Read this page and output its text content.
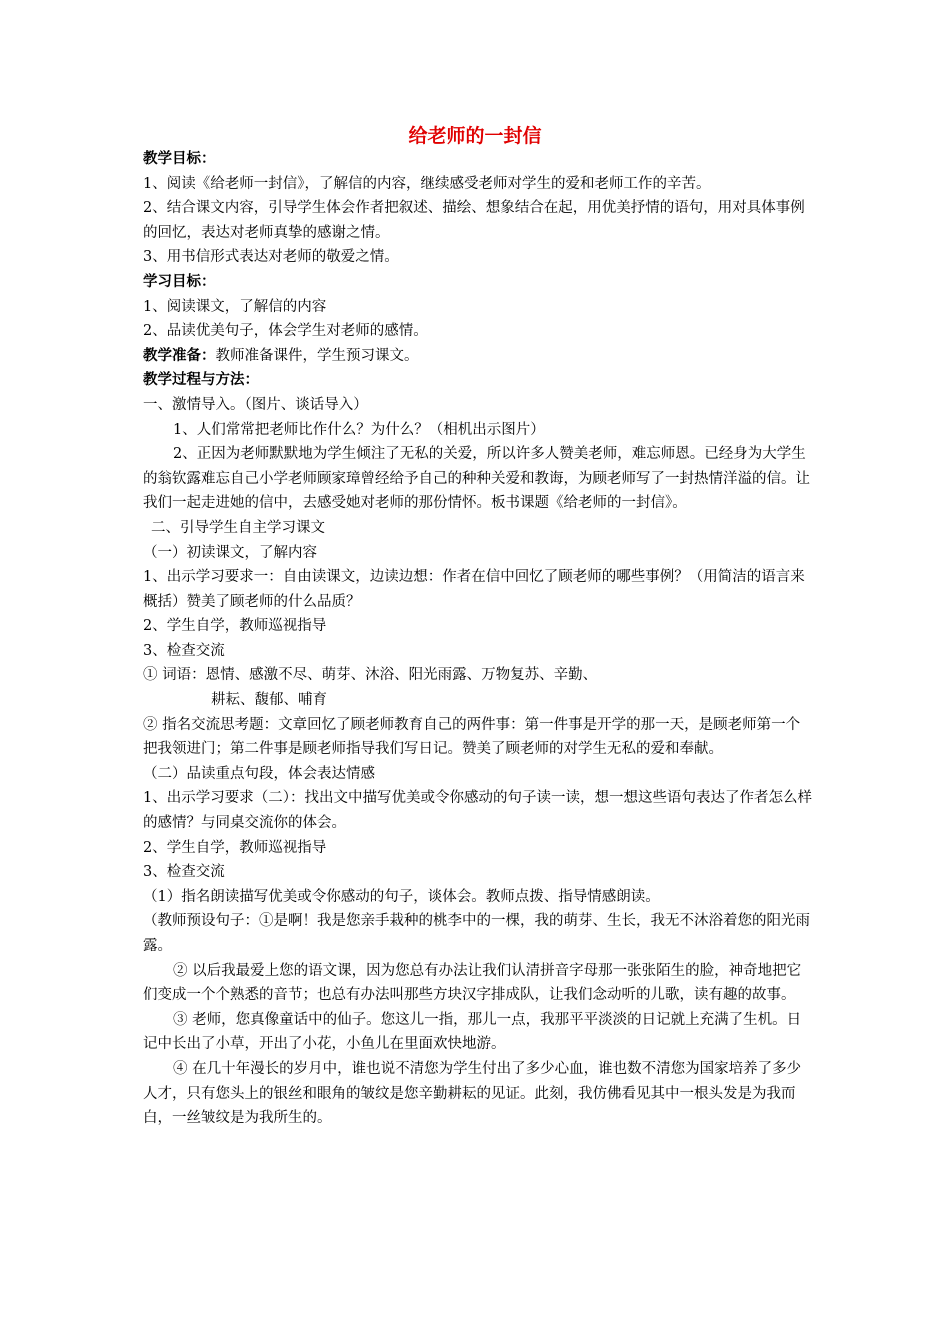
给老师的一封信

教学目标：

1、阅读《给老师一封信》，了解信的内容，继续感受老师对学生的爱和老师工作的辛苦。

2、结合课文内容，引导学生体会作者把叙述、描绘、想象结合在起，用优美抒情的语句，用对具体事例的回忆，表达对老师真挚的感谢之情。

3、用书信形式表达对老师的敬爱之情。

学习目标：

1、阅读课文，了解信的内容

2、品读优美句子，体会学生对老师的感情。

教学准备：教师准备课件，学生预习课文。

教学过程与方法：

一、激情导入。（图片、谈话导入）

1、人们常常把老师比作什么？为什么？（相机出示图片）

2、正因为老师默默地为学生倾注了无私的关爱，所以许多人赞美老师，难忘师恩。已经身为大学生的翁钦露难忘自己小学老师顾家璋曾经给予自己的种种关爱和教诲，为顾老师写了一封热情洋溢的信。让我们一起走进她的信中，去感受她对老师的那份情怀。板书课题《给老师的一封信》。

二、引导学生自主学习课文

（一）初读课文，了解内容

1、出示学习要求一：自由读课文，边读边想：作者在信中回忆了顾老师的哪些事例？（用简洁的语言来概括）赞美了顾老师的什么品质？

2、学生自学，教师巡视指导

3、检查交流

① 词语：恩情、感激不尽、萌芽、沐浴、阳光雨露、万物复苏、辛勤、

耕耘、馥郁、哺育

② 指名交流思考题：文章回忆了顾老师教育自己的两件事：第一件事是开学的那一天，是顾老师第一个把我领进门；第二件事是顾老师指导我们写日记。赞美了顾老师的对学生无私的爱和奉献。

（二）品读重点句段，体会表达情感

1、出示学习要求（二）：找出文中描写优美或令你感动的句子读一读，想一想这些语句表达了作者怎么样的感情？与同桌交流你的体会。

2、学生自学，教师巡视指导

3、检查交流

（1）指名朗读描写优美或令你感动的句子，谈体会。教师点拨、指导情感朗读。

（教师预设句子：①是啊！我是您亲手栽种的桃李中的一棵，我的萌芽、生长，我无不沐浴着您的阳光雨露。

② 以后我最爱上您的语文课，因为您总有办法让我们认清拼音字母那一张张陌生的脸，神奇地把它们变成一个个熟悉的音节；也总有办法叫那些方块汉字排成队，让我们念动听的儿歌，读有趣的故事。

③ 老师，您真像童话中的仙子。您这儿一指，那儿一点，我那平平淡淡的日记就上充满了生机。日记中长出了小草，开出了小花，小鱼儿在里面欢快地游。

④ 在几十年漫长的岁月中，谁也说不清您为学生付出了多少心血，谁也数不清您为国家培养了多少人才，只有您头上的银丝和眼角的皱纹是您辛勤耕耘的见证。此刻，我仿佛看见其中一根头发是为我而白，一丝皱纹是为我所生的。
